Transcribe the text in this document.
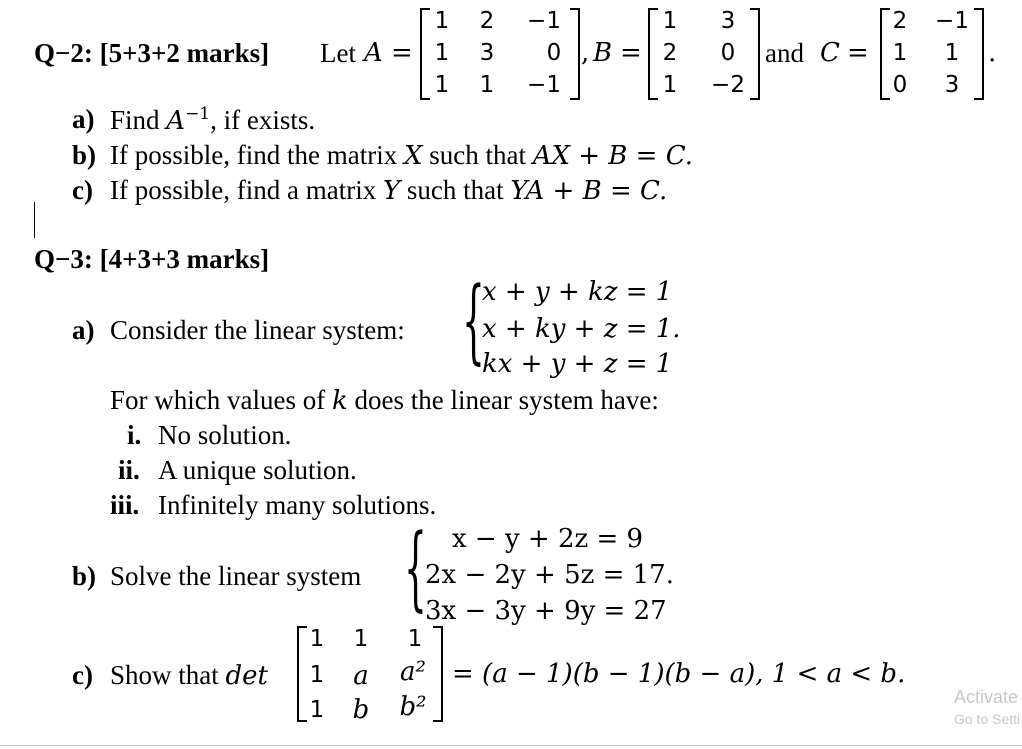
Q−2: [5+3+2 marks] Let A =
1 2	−1
1 3	0
1 1	−1
, B =
1	3
2	0
1 −2
and C =
2 −1
1 1
0 3
.
a) Find $A^{-1}$, if exists.
b) If possible, find the matrix X such that AX + B = C.
c) If possible, find a matrix Y such that YA + B = C.
Q−3: [4+3+3 marks]
a) Consider the linear system: {
x + y + kz = 1
x + ky + z = 1.
kx + y + z = 1
For which values of k does the linear system have:
i. No solution.
ii. A unique solution.
iii. Infinitely many solutions.
b) Solve the linear system { x − y + 2z = 9
2x − 2y + 5z = 17.
3x − 3y + 9y = 27
c) Show that det
1 1 1
1 a a²
1 b b²
= (a − 1)(b − 1)(b − a), 1 < a < b.
Activate
Go to Setti
